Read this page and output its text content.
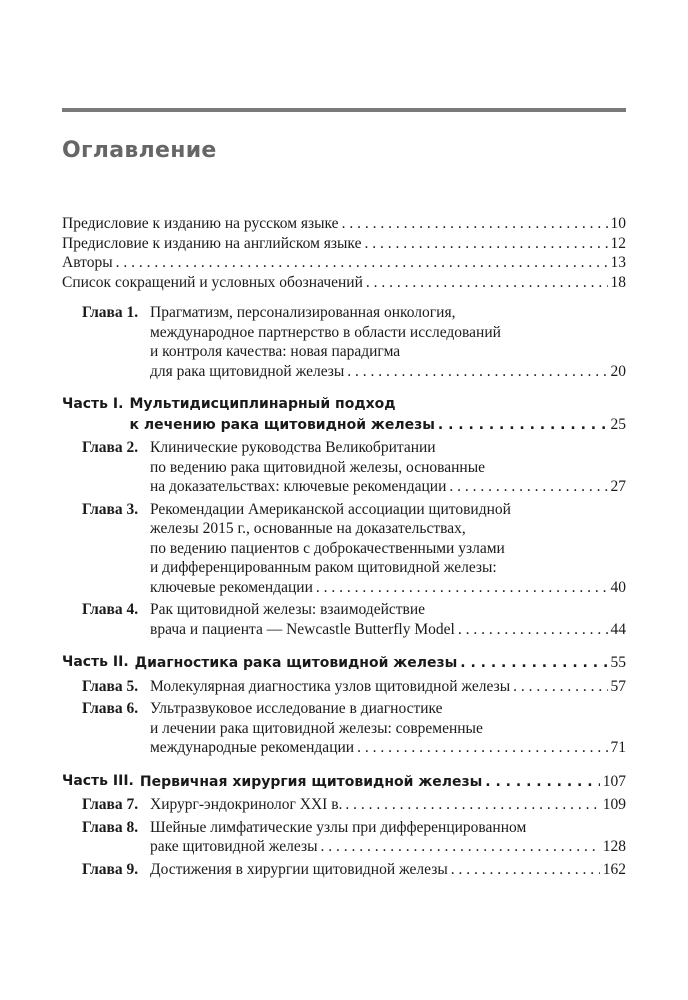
Оглавление
Предисловие к изданию на русском языке . . .	10
Предисловие к изданию на английском языке . . .	12
Авторы . . .	13
Список сокращений и условных обозначений . . .	18
Глава 1. Прагматизм, персонализированная онкология,
международное партнерство в области исследований
и контроля качества: новая парадигма
для рака щитовидной железы . . .	20
Часть I. Мультидисциплинарный подход
к лечению рака щитовидной железы . . .	25
Глава 2. Клинические руководства Великобритании
по ведению рака щитовидной железы, основанные
на доказательствах: ключевые рекомендации . . .	27
Глава 3. Рекомендации Американской ассоциации щитовидной
железы 2015 г., основанные на доказательствах,
по ведению пациентов с доброкачественными узлами
и дифференцированным раком щитовидной железы:
ключевые рекомендации . . .	40
Глава 4. Рак щитовидной железы: взаимодействие
врача и пациента — Newcastle Butterfly Model . . .	44
Часть II. Диагностика рака щитовидной железы . . .	55
Глава 5. Молекулярная диагностика узлов щитовидной железы . . .	57
Глава 6. Ультразвуковое исследование в диагностике
и лечении рака щитовидной железы: современные
международные рекомендации . . .	71
Часть III. Первичная хирургия щитовидной железы . . .	107
Глава 7. Хирург-эндокринолог XXI в. . . .	109
Глава 8. Шейные лимфатические узлы при дифференцированном
раке щитовидной железы . . .	128
Глава 9. Достижения в хирургии щитовидной железы . . .	162
